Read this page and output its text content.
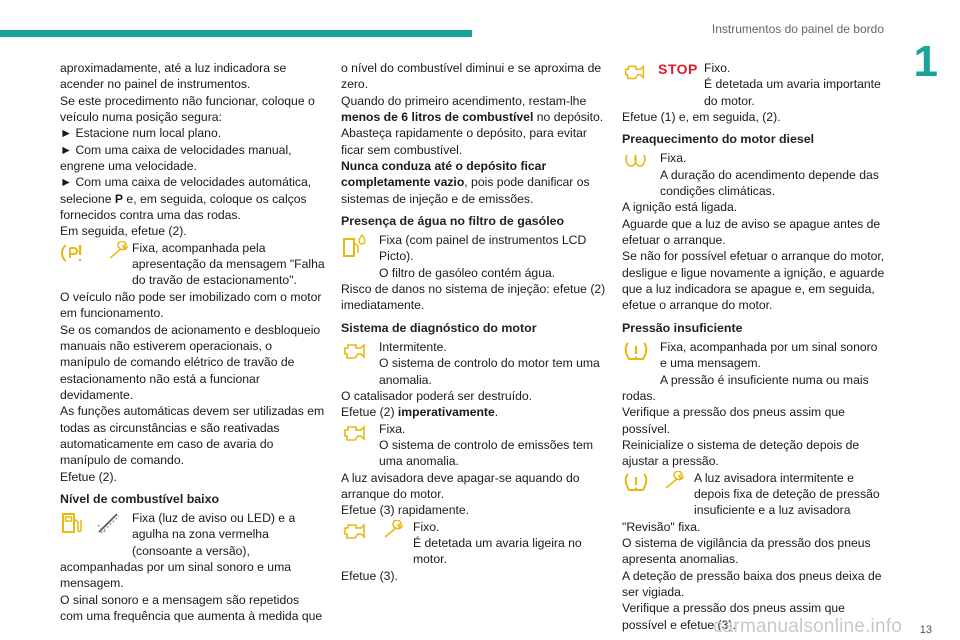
Instrumentos do painel de bordo
1

aproximadamente, até a luz indicadora se acender no painel de instrumentos.

Se este procedimento não funcionar, coloque o veículo numa posição segura:

► Estacione num local plano.

► Com uma caixa de velocidades manual, engrene uma velocidade.

► Com uma caixa de velocidades automática, selecione P e, em seguida, coloque os calços fornecidos contra uma das rodas.

Em seguida, efetue (2).

Fixa, acompanhada pela apresentação da mensagem "Falha do travão de estacionamento".

O veículo não pode ser imobilizado com o motor em funcionamento.

Se os comandos de acionamento e desbloqueio manuais não estiverem operacionais, o manípulo de comando elétrico de travão de estacionamento não está a funcionar devidamente.

As funções automáticas devem ser utilizadas em todas as circunstâncias e são reativadas automaticamente em caso de avaria do manípulo de comando.

Efetue (2).

Nível de combustível baixo

Fixa (luz de aviso ou LED) e a agulha na zona vermelha (consoante a versão), acompanhadas por um sinal sonoro e uma mensagem.

O sinal sonoro e a mensagem são repetidos com uma frequência que aumenta à medida que

o nível do combustível diminui e se aproxima de zero.

Quando do primeiro acendimento, restam-lhe menos de 6 litros de combustível no depósito.

Abasteça rapidamente o depósito, para evitar ficar sem combustível.

Nunca conduza até o depósito ficar completamente vazio, pois pode danificar os sistemas de injeção e de emissões.

Presença de água no filtro de gasóleo

Fixa (com painel de instrumentos LCD Picto).

O filtro de gasóleo contém água.

Risco de danos no sistema de injeção: efetue (2) imediatamente.

Sistema de diagnóstico do motor

Intermitente.

O sistema de controlo do motor tem uma anomalia.

O catalisador poderá ser destruído.

Efetue (2) imperativamente.

Fixa.

O sistema de controlo de emissões tem uma anomalia.

A luz avisadora deve apagar-se aquando do arranque do motor.

Efetue (3) rapidamente.

Fixo.

É detetada um avaria ligeira no motor.

Efetue (3).

STOP Fixo.

É detetada um avaria importante do motor.

Efetue (1) e, em seguida, (2).

Preaquecimento do motor diesel

Fixa.

A duração do acendimento depende das condições climáticas.

A ignição está ligada.

Aguarde que a luz de aviso se apague antes de efetuar o arranque.

Se não for possível efetuar o arranque do motor, desligue e ligue novamente a ignição, e aguarde que a luz indicadora se apague e, em seguida, efetue o arranque do motor.

Pressão insuficiente

Fixa, acompanhada por um sinal sonoro e uma mensagem.

A pressão é insuficiente numa ou mais rodas.

Verifique a pressão dos pneus assim que possível.

Reinicialize o sistema de deteção depois de ajustar a pressão.

A luz avisadora intermitente e depois fixa de deteção de pressão insuficiente e a luz avisadora "Revisão" fixa.

O sistema de vigilância da pressão dos pneus apresenta anomalias.

A deteção de pressão baixa dos pneus deixa de ser vigiada.

Verifique a pressão dos pneus assim que possível e efetue (3).

carmanualsonline.info 13
